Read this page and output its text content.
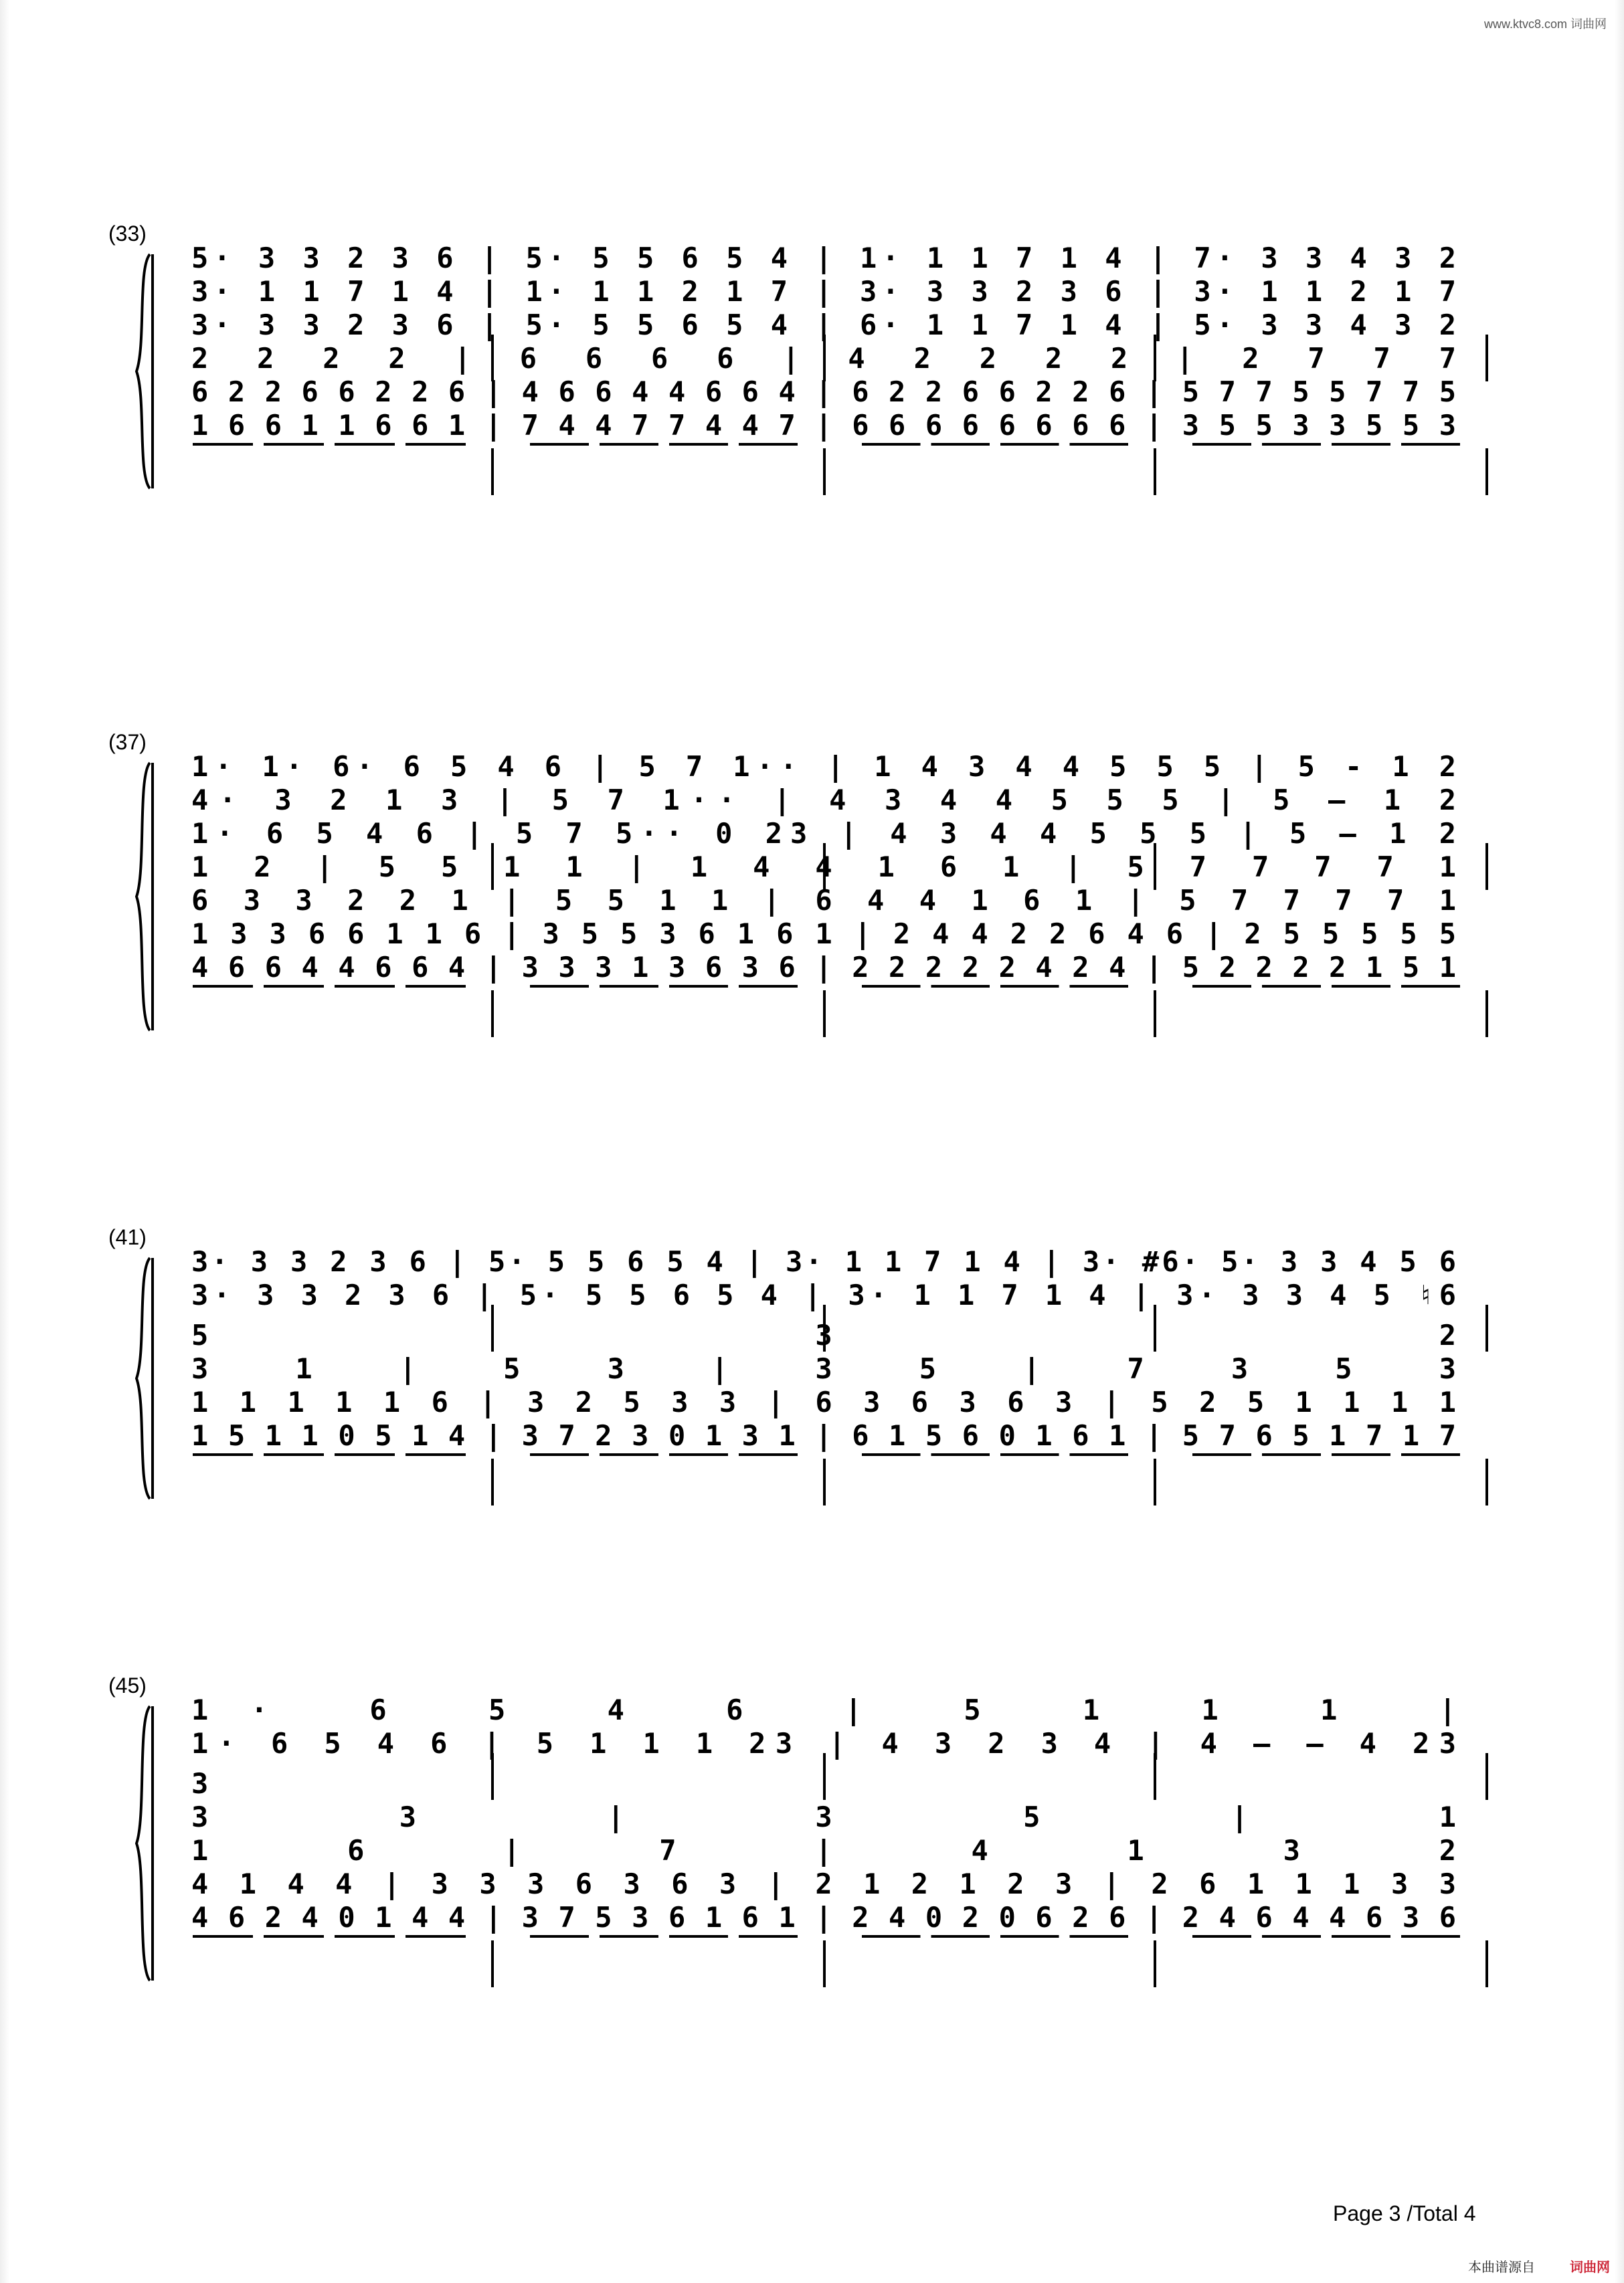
www.ktvc8.com 词曲网
(33)
5· 3 3 2 3 6 | 5· 5 5 6 5 4 | 1· 1 1 7 1 4 | 7· 3 3 4 3 2
3· 1 1 7 1 4 | 1· 1 1 2 1 7 | 3· 3 3 2 3 6 | 3· 1 1 2 1 7
3· 3 3 2 3 6 | 5· 5 5 6 5 4 | 6· 1 1 7 1 4 | 5· 3 3 4 3 2
2 2 2 2 | 6 6 6 6 | 4 2 2 2 2 | 2 7 7 7
6 2 2 6 6 2 2 6 | 4 6 6 4 4 6 6 4 | 6 2 2 6 6 2 2 6 | 5 7 7 5 5 7 7 5
1 6 6 1 1 6 6 1 | 7 4 4 7 7 4 4 7 | 6 6 6 6 6 6 6 6 | 3 5 5 3 3 5 5 3
(37)
1· 1· 6· 6 5 4 6 | 5 7 1·· | 1 4 3 4 4 5 5 5 | 5 - 1 2
4· 3 2 1 3 | 5 7 1·· | 4 3 4 4 5 5 5 | 5 – 1 2
1· 6 5 4 6 | 5 7 5·· 0 23 | 4 3 4 4 5 5 5 | 5 – 1 2
1 2 | 5 5 1 1 | 1 4 4 1 6 1 | 5 7 7 7 7 1
6 3 3 2 2 1 | 5 5 1 1 | 6 4 4 1 6 1 | 5 7 7 7 7 1
1 3 3 6 6 1 1 6 | 3 5 5 3 6 1 6 1 | 2 4 4 2 2 6 4 6 | 2 5 5 5 5 5
4 6 6 4 4 6 6 4 | 3 3 3 1 3 6 3 6 | 2 2 2 2 2 4 2 4 | 5 2 2 2 2 1 5 1
(41)
3· 3 3 2 3 6 | 5· 5 5 6 5 4 | 3· 1 1 7 1 4 | 3· #6· 5· 3 3 4 5 6
3· 3 3 2 3 6 | 5· 5 5 6 5 4 | 3· 1 1 7 1 4 | 3· 3 3 4 5 ♮6
5 3 2
3 1 | 5 3 | 3 5 | 7 3 5 3
1 1 1 1 1 6 | 3 2 5 3 3 | 6 3 6 3 6 3 | 5 2 5 1 1 1 1
1 5 1 1 0 5 1 4 | 3 7 2 3 0 1 3 1 | 6 1 5 6 0 1 6 1 | 5 7 6 5 1 7 1 7
(45)
1· 6 5 4 6 | 5 1 1 1 |
1· 6 5 4 6 | 5 1 1 1 23 | 4 3 2 3 4 | 4 – – 4 23
3
3 3 | 3 5 | 1
1 6 | 7 | 4 1 3 2
4 1 4 4 | 3 3 3 6 3 6 3 | 2 1 2 1 2 3 | 2 6 1 1 1 3 3
4 6 2 4 0 1 4 4 | 3 7 5 3 6 1 6 1 | 2 4 0 2 0 6 2 6 | 2 4 6 4 4 6 3 6
Page 3 /Total 4
本曲谱源自	词曲网
